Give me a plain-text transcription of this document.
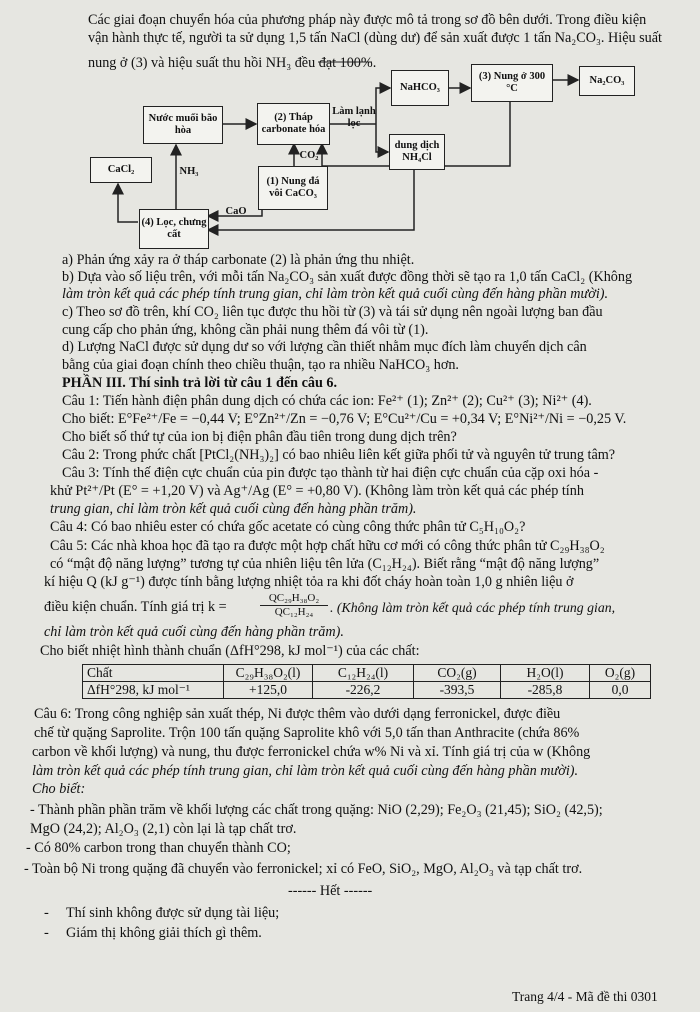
Các giai đoạn chuyển hóa của phương pháp này được mô tả trong sơ đồ bên dưới. Trong điều kiện
vận hành thực tế, người ta sử dụng 1,5 tấn NaCl (dùng dư) để sản xuất được 1 tấn Na₂CO₃. Hiệu suất
nung ở (3) và hiệu suất thu hồi NH₃ đều đạt 100%.
Nước muối bão hòa
(2) Tháp carbonate hóa
Làm lạnh lọc
NaHCO₃
(3) Nung ở 300 °C
Na₂CO₃
dung dịch NH₄Cl
CO₂
(1) Nung đá vôi CaCO₃
CaCl₂	NH₃
(4) Lọc, chưng cất
CaO
a) Phản ứng xảy ra ở tháp carbonate (2) là phản ứng thu nhiệt.
b) Dựa vào số liệu trên, với mỗi tấn Na₂CO₃ sản xuất được đồng thời sẽ tạo ra 1,0 tấn CaCl₂ (Không
làm tròn kết quả các phép tính trung gian, chỉ làm tròn kết quả cuối cùng đến hàng phần mười).
c) Theo sơ đồ trên, khí CO₂ liên tục được thu hồi từ (3) và tái sử dụng nên ngoài lượng ban đầu
cung cấp cho phản ứng, không cần phải nung thêm đá vôi từ (1).
d) Lượng NaCl được sử dụng dư so với lượng cần thiết nhằm mục đích làm chuyển dịch cân
bằng của giai đoạn chính theo chiều thuận, tạo ra nhiều NaHCO₃ hơn.
PHẦN III. Thí sinh trả lời từ câu 1 đến câu 6.
Câu 1: Tiến hành điện phân dung dịch có chứa các ion: Fe²⁺ (1); Zn²⁺ (2); Cu²⁺ (3); Ni²⁺ (4).
Cho biết: E°Fe²⁺/Fe = −0,44 V; E°Zn²⁺/Zn = −0,76 V; E°Cu²⁺/Cu = +0,34 V; E°Ni²⁺/Ni = −0,25 V.
Cho biết số thứ tự của ion bị điện phân đầu tiên trong dung dịch trên?
Câu 2: Trong phức chất [PtCl₂(NH₃)₂] có bao nhiêu liên kết giữa phối tử và nguyên tử trung tâm?
Câu 3: Tính thế điện cực chuẩn của pin được tạo thành từ hai điện cực chuẩn của cặp oxi hóa -
khử Pt²⁺/Pt (E° = +1,20 V) và Ag⁺/Ag (E° = +0,80 V). (Không làm tròn kết quả các phép tính
trung gian, chỉ làm tròn kết quả cuối cùng đến hàng phần trăm).
Câu 4: Có bao nhiêu ester có chứa gốc acetate có cùng công thức phân tử C₅H₁₀O₂?
Câu 5: Các nhà khoa học đã tạo ra được một hợp chất hữu cơ mới có công thức phân tử C₂₉H₃₈O₂
có “mật độ năng lượng” tương tự của nhiên liệu tên lửa (C₁₂H₂₄). Biết rằng “mật độ năng lượng”
kí hiệu Q (kJ g⁻¹) được tính bằng lượng nhiệt tỏa ra khi đốt cháy hoàn toàn 1,0 g nhiên liệu ở
điều kiện chuẩn. Tính giá trị k =	$\frac{\text{QC₂₉H₃₈O₂}}{\text{QC₁₂H₂₄}}$ . (Không làm tròn kết quả các phép tính trung gian,
chỉ làm tròn kết quả cuối cùng đến hàng phần trăm).
Cho biết nhiệt hình thành chuẩn (ΔfH°298, kJ mol⁻¹) của các chất:
Chất	C₂₉H₃₈O₂(l)	C₁₂H₂₄(l)	CO₂(g)	H₂O(l)	O₂(g)
ΔfH°298, kJ mol⁻¹	+125,0	-226,2	-393,5	-285,8	0,0
Câu 6: Trong công nghiệp sản xuất thép, Ni được thêm vào dưới dạng ferronickel, được điều
chế từ quặng Saprolite. Trộn 100 tấn quặng Saprolite khô với 5,0 tấn than Anthracite (chứa 86%
carbon về khối lượng) và nung, thu được ferronickel chứa w% Ni và xỉ. Tính giá trị của w (Không
làm tròn kết quả các phép tính trung gian, chỉ làm tròn kết quả cuối cùng đến hàng phần mười).
Cho biết:
- Thành phần phần trăm về khối lượng các chất trong quặng: NiO (2,29); Fe₂O₃ (21,45); SiO₂ (42,5);
MgO (24,2); Al₂O₃ (2,1) còn lại là tạp chất trơ.
- Có 80% carbon trong than chuyển thành CO;
- Toàn bộ Ni trong quặng đã chuyển vào ferronickel; xỉ có FeO, SiO₂, MgO, Al₂O₃ và tạp chất trơ.
------ Hết ------
- Thí sinh không được sử dụng tài liệu;
- Giám thị không giải thích gì thêm.
Trang 4/4 - Mã đề thi 0301
